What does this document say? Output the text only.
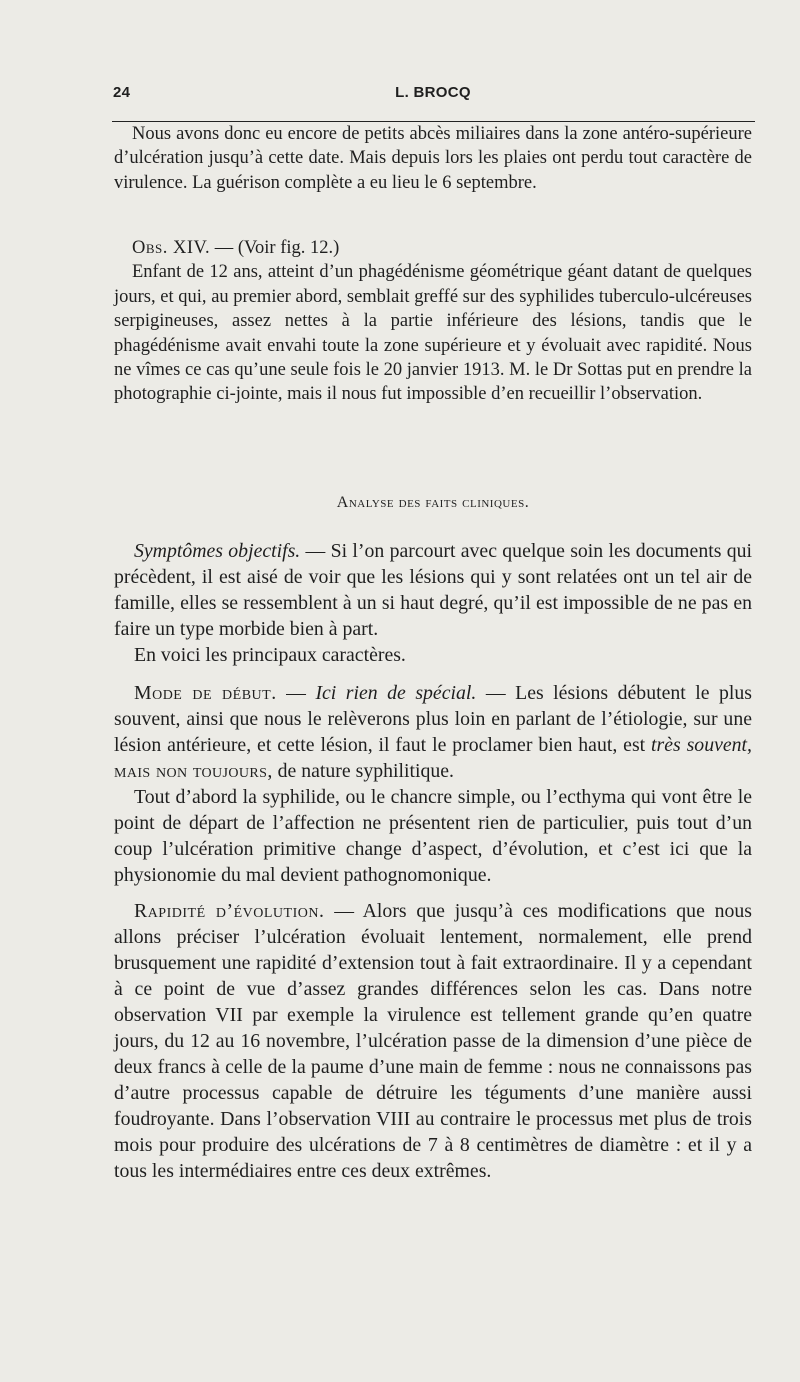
24	L. BROCQ

Nous avons donc eu encore de petits abcès miliaires dans la zone antéro-supérieure d’ulcération jusqu’à cette date. Mais depuis lors les plaies ont perdu tout caractère de virulence. La guérison complète a eu lieu le 6 septembre.

Obs. XIV. — (Voir fig. 12.)

Enfant de 12 ans, atteint d’un phagédénisme géométrique géant datant de quelques jours, et qui, au premier abord, semblait greffé sur des syphilides tuberculo-ulcéreuses serpigineuses, assez nettes à la partie inférieure des lésions, tandis que le phagédénisme avait envahi toute la zone supérieure et y évoluait avec rapidité. Nous ne vîmes ce cas qu’une seule fois le 20 janvier 1913. M. le Dr Sottas put en prendre la photographie ci-jointe, mais il nous fut impossible d’en recueillir l’observation.

Analyse des faits cliniques.

Symptômes objectifs. — Si l’on parcourt avec quelque soin les documents qui précèdent, il est aisé de voir que les lésions qui y sont relatées ont un tel air de famille, elles se ressemblent à un si haut degré, qu’il est impossible de ne pas en faire un type morbide bien à part.

En voici les principaux caractères.

Mode de début. — Ici rien de spécial. — Les lésions débutent le plus souvent, ainsi que nous le relèverons plus loin en parlant de l’étiologie, sur une lésion antérieure, et cette lésion, il faut le proclamer bien haut, est très souvent, mais non toujours, de nature syphilitique.

Tout d’abord la syphilide, ou le chancre simple, ou l’ecthyma qui vont être le point de départ de l’affection ne présentent rien de particulier, puis tout d’un coup l’ulcération primitive change d’aspect, d’évolution, et c’est ici que la physionomie du mal devient pathognomonique.

Rapidité d’évolution. — Alors que jusqu’à ces modifications que nous allons préciser l’ulcération évoluait lentement, normalement, elle prend brusquement une rapidité d’extension tout à fait extraordinaire. Il y a cependant à ce point de vue d’assez grandes différences selon les cas. Dans notre observation VII par exemple la virulence est tellement grande qu’en quatre jours, du 12 au 16 novembre, l’ulcération passe de la dimension d’une pièce de deux francs à celle de la paume d’une main de femme : nous ne connaissons pas d’autre processus capable de détruire les téguments d’une manière aussi foudroyante. Dans l’observation VIII au contraire le processus met plus de trois mois pour produire des ulcérations de 7 à 8 centimètres de diamètre : et il y a tous les intermédiaires entre ces deux extrêmes.
